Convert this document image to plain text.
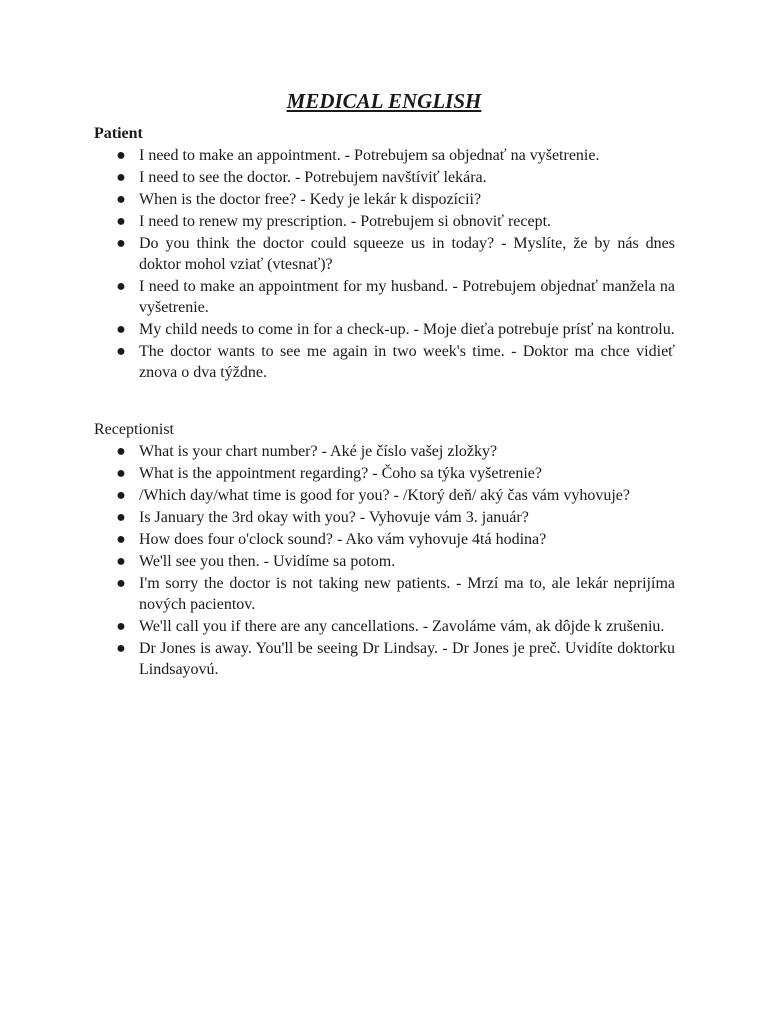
MEDICAL ENGLISH
Patient
● I need to make an appointment. - Potrebujem sa objednať na vyšetrenie.
● I need to see the doctor. - Potrebujem navštíviť lekára.
● When is the doctor free? - Kedy je lekár k dispozícii?
● I need to renew my prescription. - Potrebujem si obnoviť recept.
● Do you think the doctor could squeeze us in today? - Myslíte, že by nás dnes doktor mohol vziať (vtesnať)?
● I need to make an appointment for my husband. - Potrebujem objednať manžela na vyšetrenie.
● My child needs to come in for a check-up. - Moje dieťa potrebuje prísť na kontrolu.
● The doctor wants to see me again in two week's time. - Doktor ma chce vidieť znova o dva týždne.
Receptionist
● What is your chart number? - Aké je číslo vašej zložky?
● What is the appointment regarding? - Čoho sa týka vyšetrenie?
● /Which day/what time is good for you? - /Ktorý deň/ aký čas vám vyhovuje?
● Is January the 3rd okay with you? - Vyhovuje vám 3. január?
● How does four o'clock sound? - Ako vám vyhovuje 4tá hodina?
● We'll see you then. - Uvidíme sa potom.
● I'm sorry the doctor is not taking new patients. - Mrzí ma to, ale lekár neprijíma nových pacientov.
● We'll call you if there are any cancellations. - Zavoláme vám, ak dôjde k zrušeniu.
● Dr Jones is away. You'll be seeing Dr Lindsay. - Dr Jones je preč. Uvidíte doktorku Lindsayovú.
